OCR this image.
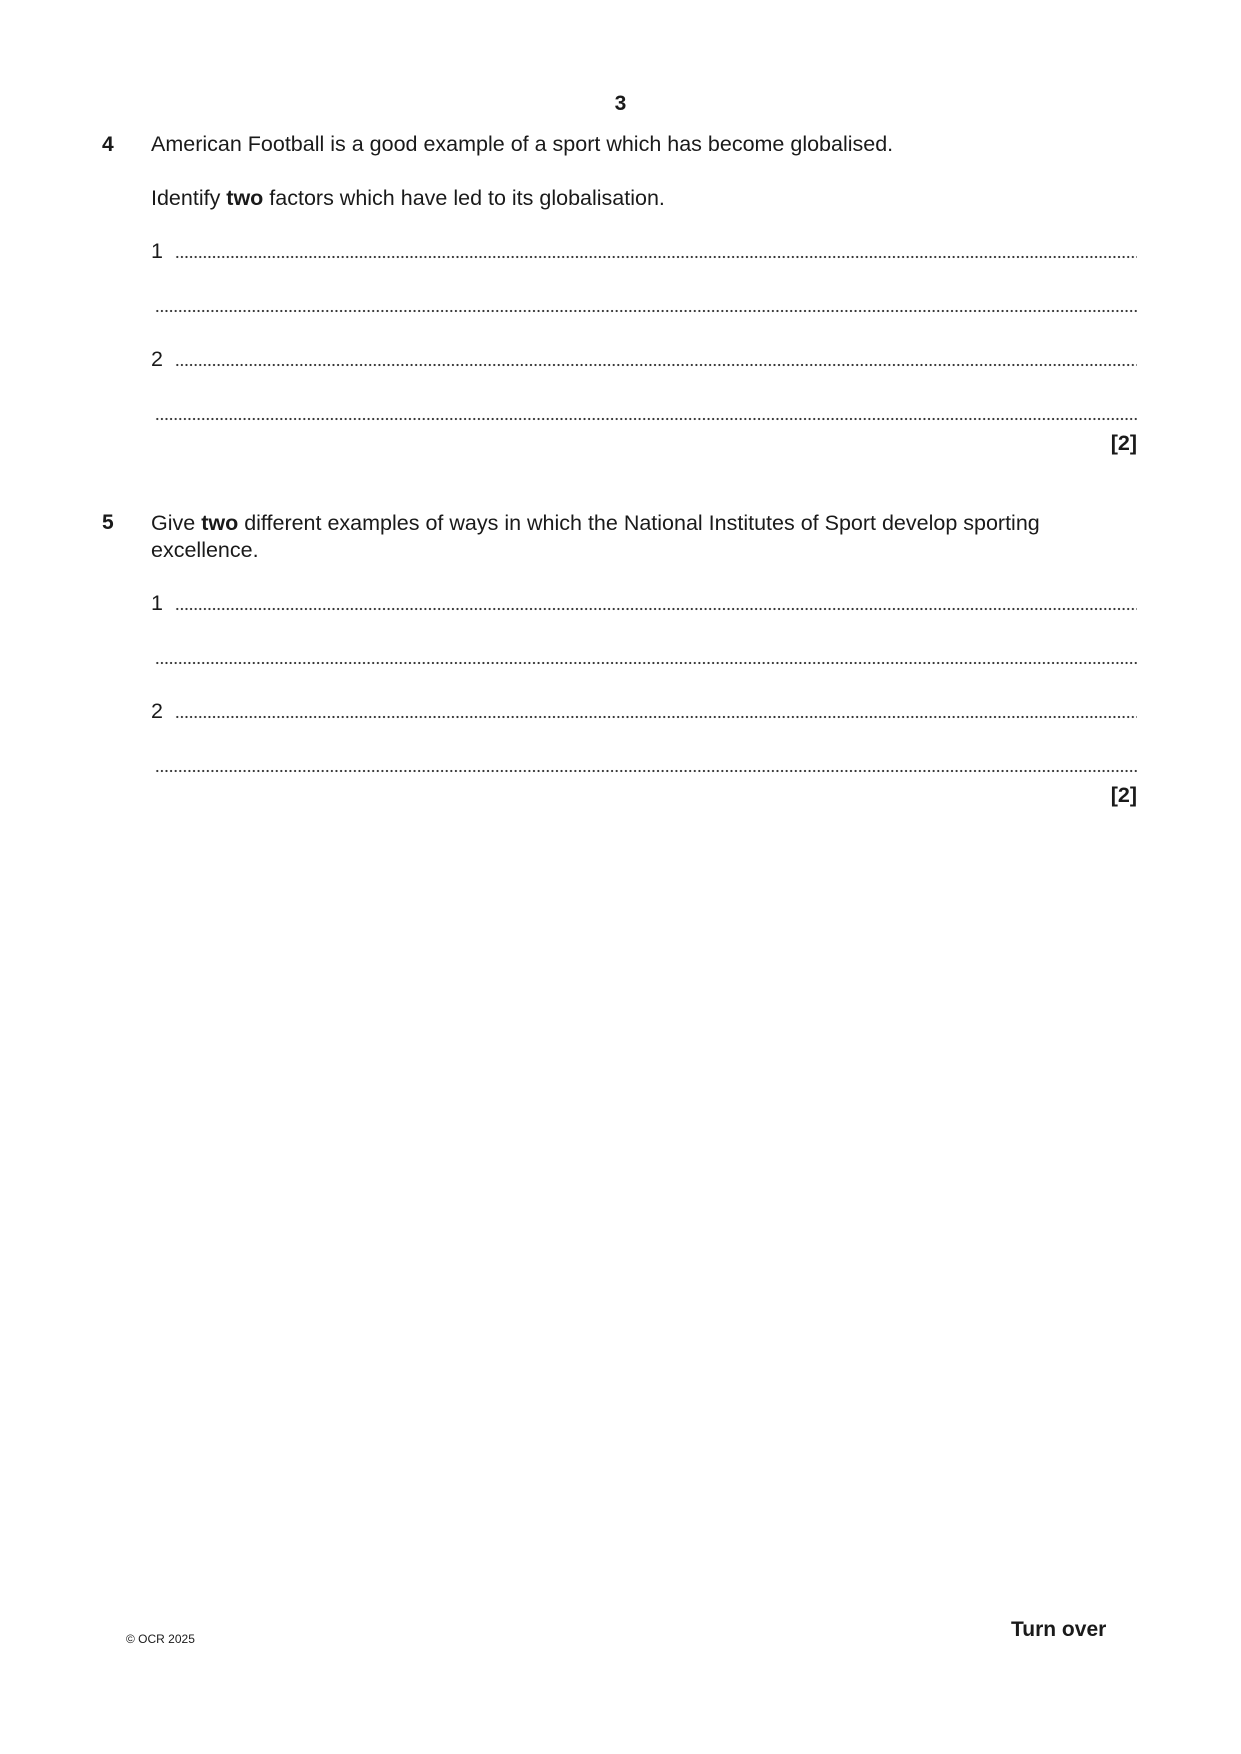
3
4 American Football is a good example of a sport which has become globalised.
Identify two factors which have led to its globalisation.
1
2
[2]
5 Give two different examples of ways in which the National Institutes of Sport develop sporting excellence.
1
2
[2]
© OCR 2025	Turn over
